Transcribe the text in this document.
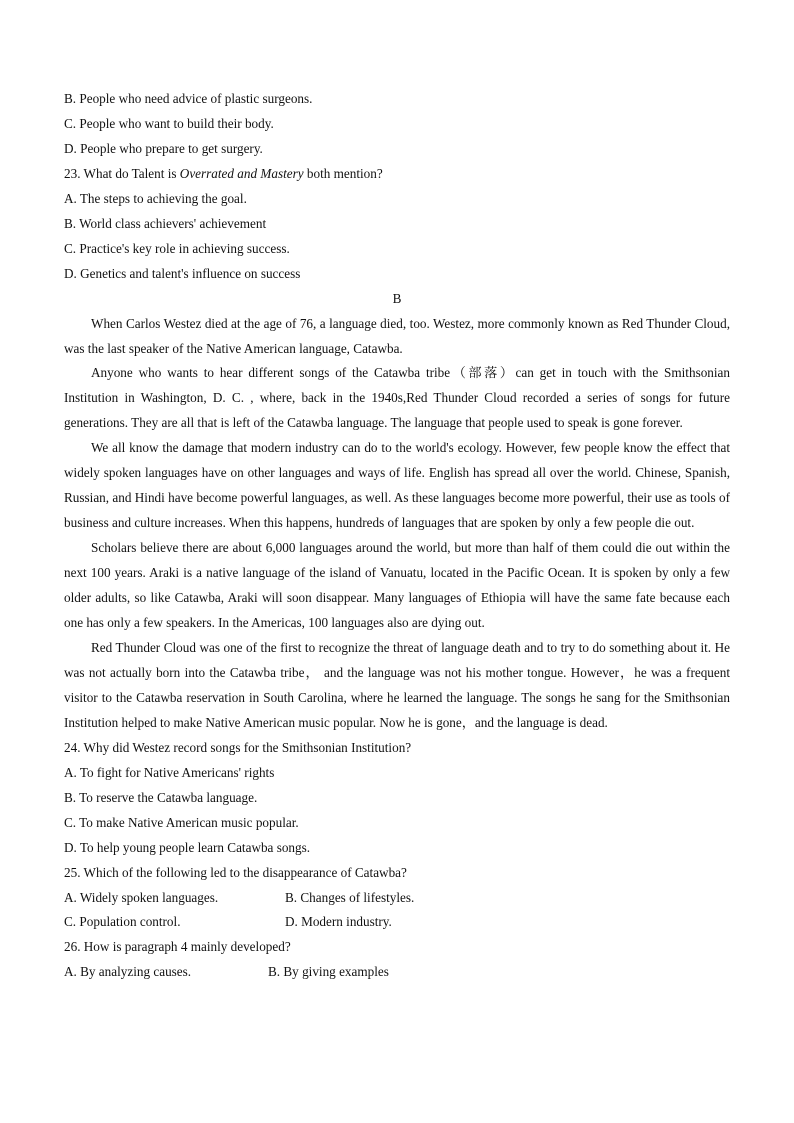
B. People who need advice of plastic surgeons.

C. People who want to build their body.

D. People who prepare to get surgery.

23. What do Talent is Overrated and Mastery both mention?

A. The steps to achieving the goal.

B. World class achievers' achievement

C. Practice's key role in achieving success.

D. Genetics and talent's influence on success

B

When Carlos Westez died at the age of 76, a language died, too. Westez, more commonly known as Red Thunder Cloud, was the last speaker of the Native American language, Catawba.

Anyone who wants to hear different songs of the Catawba tribe（部落）can get in touch with the Smithsonian Institution in Washington, D. C. , where, back in the 1940s,Red Thunder Cloud recorded a series of songs for future generations. They are all that is left of the Catawba language. The language that people used to speak is gone forever.

We all know the damage that modern industry can do to the world's ecology. However, few people know the effect that widely spoken languages have on other languages and ways of life. English has spread all over the world. Chinese, Spanish, Russian, and Hindi have become powerful languages, as well. As these languages become more powerful, their use as tools of business and culture increases. When this happens, hundreds of languages that are spoken by only a few people die out.

Scholars believe there are about 6,000 languages around the world, but more than half of them could die out within the next 100 years. Araki is a native language of the island of Vanuatu, located in the Pacific Ocean. It is spoken by only a few older adults, so like Catawba, Araki will soon disappear. Many languages of Ethiopia will have the same fate because each one has only a few speakers. In the Americas, 100 languages also are dying out.

Red Thunder Cloud was one of the first to recognize the threat of language death and to try to do something about it. He was not actually born into the Catawba tribe， and the language was not his mother tongue. However，he was a frequent visitor to the Catawba reservation in South Carolina, where he learned the language. The songs he sang for the Smithsonian Institution helped to make Native American music popular. Now he is gone，and the language is dead.

24. Why did Westez record songs for the Smithsonian Institution?

A. To fight for Native Americans' rights

B. To reserve the Catawba language.

C. To make Native American music popular.

D. To help young people learn Catawba songs.

25. Which of the following led to the disappearance of Catawba?

A. Widely spoken languages.	B. Changes of lifestyles.
C. Population control.	D. Modern industry.

26. How is paragraph 4 mainly developed?

A. By analyzing causes.	B. By giving examples
